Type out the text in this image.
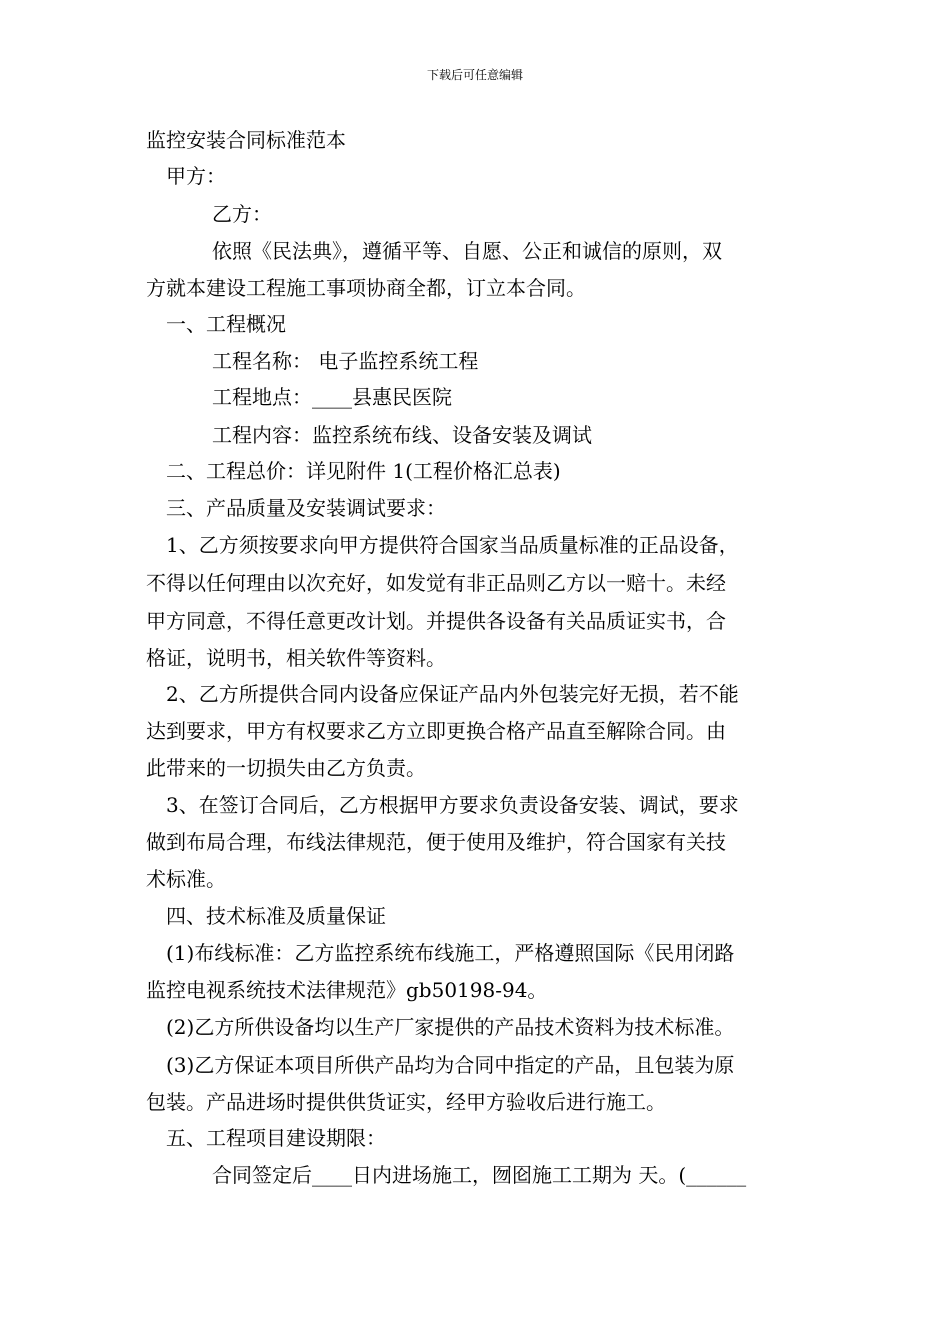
下载后可任意编辑
监控安装合同标准范本
甲方：
乙方：
依照《民法典》，遵循平等、自愿、公正和诚信的原则，双
方就本建设工程施工事项协商全都，订立本合同。
一、工程概况
工程名称： 电子监控系统工程
工程地点：____县惠民医院
工程内容：监控系统布线、设备安装及调试
二、工程总价：详见附件 1(工程价格汇总表)
三、产品质量及安装调试要求：
1、乙方须按要求向甲方提供符合国家当品质量标准的正品设备，
不得以任何理由以次充好，如发觉有非正品则乙方以一赔十。未经
甲方同意，不得任意更改计划。并提供各设备有关品质证实书，合
格证，说明书，相关软件等资料。
2、乙方所提供合同内设备应保证产品内外包装完好无损，若不能
达到要求，甲方有权要求乙方立即更换合格产品直至解除合同。由
此带来的一切损失由乙方负责。
3、在签订合同后，乙方根据甲方要求负责设备安装、调试，要求
做到布局合理，布线法律规范，便于使用及维护，符合国家有关技
术标准。
四、技术标准及质量保证
(1)布线标准：乙方监控系统布线施工，严格遵照国际《民用闭路
监控电视系统技术法律规范》gb50198-94。
(2)乙方所供设备均以生产厂家提供的产品技术资料为技术标准。
(3)乙方保证本项目所供产品均为合同中指定的产品，且包装为原
包装。产品进场时提供供货证实，经甲方验收后进行施工。
五、工程项目建设期限：
合同签定后____日内进场施工，囫囵施工工期为 天。(______
